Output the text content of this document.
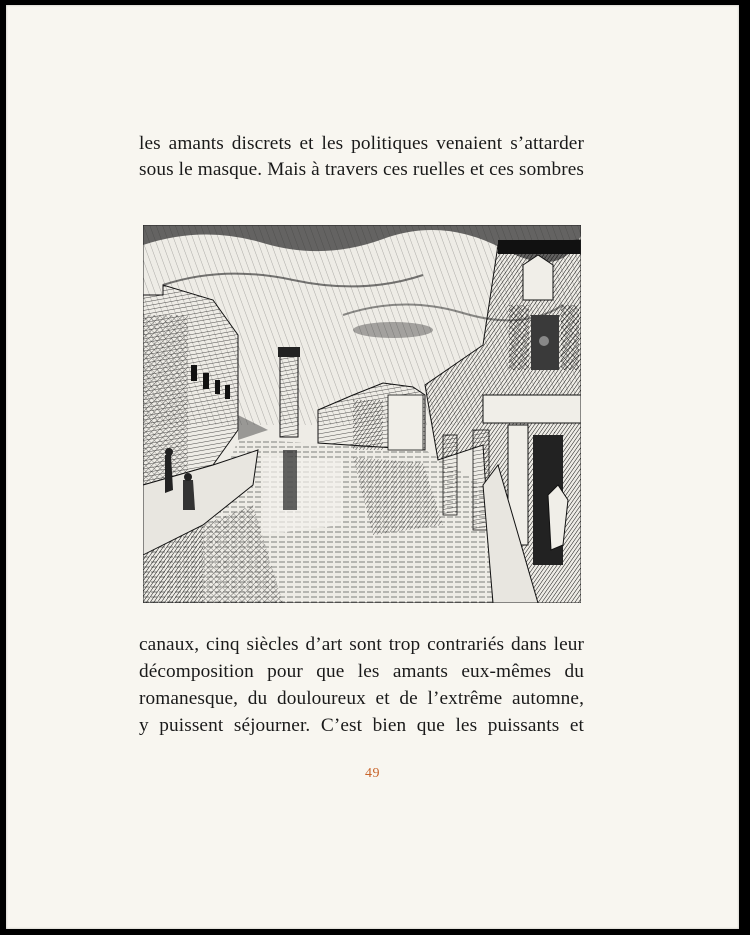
les amants discrets et les politiques venaient s’attarder
sous le masque. Mais à travers ces ruelles et ces sombres
canaux, cinq siècles d’art sont trop contrariés dans leur
décomposition pour que les amants eux-mêmes du
romanesque, du douloureux et de l’extrême automne,
y puissent séjourner. C’est bien que les puissants et
49
